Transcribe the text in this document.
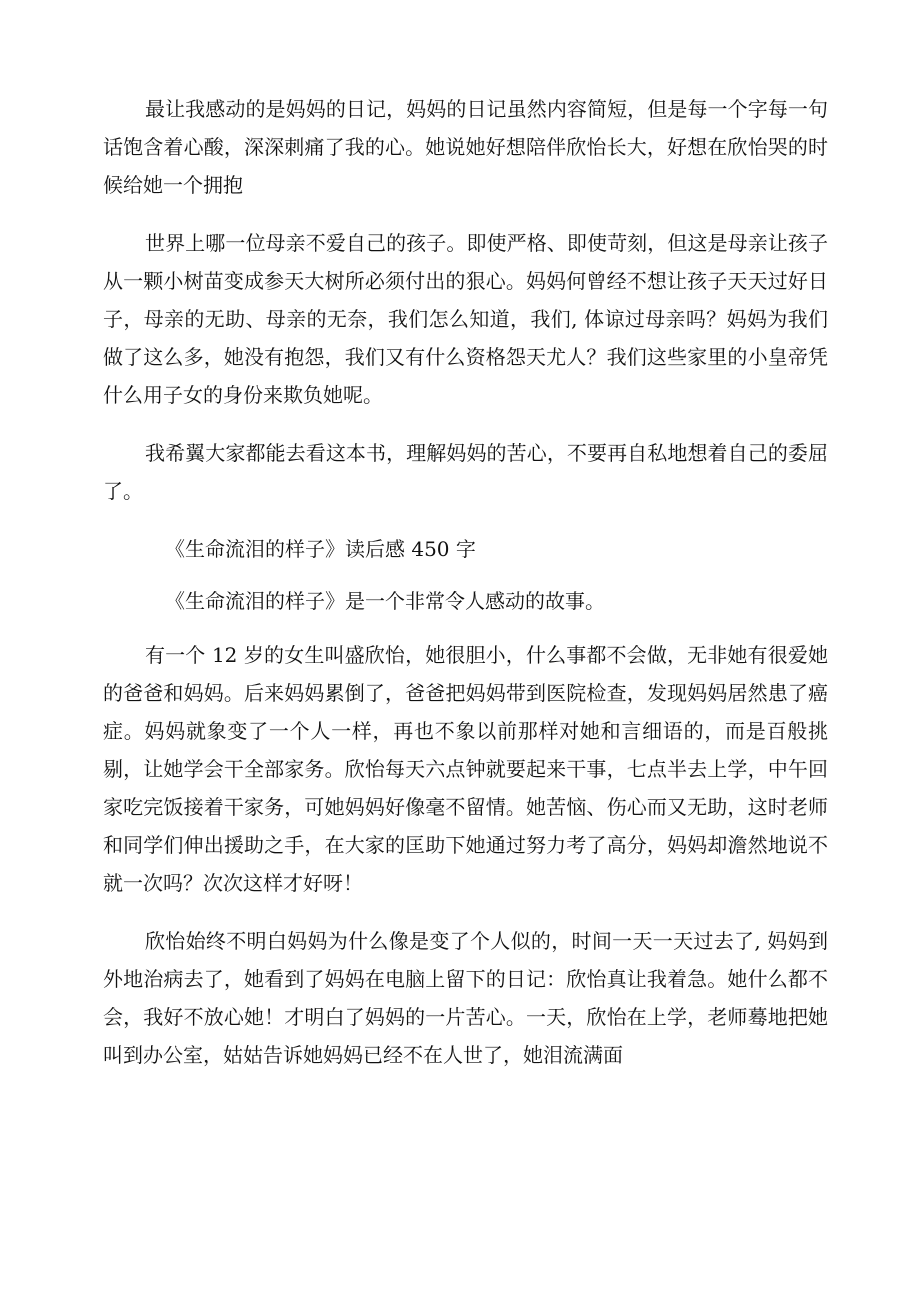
最让我感动的是妈妈的日记，妈妈的日记虽然内容简短，但是每一个字每一句话饱含着心酸，深深刺痛了我的心。她说她好想陪伴欣怡长大，好想在欣怡哭的时候给她一个拥抱

世界上哪一位母亲不爱自己的孩子。即使严格、即使苛刻，但这是母亲让孩子从一颗小树苗变成参天大树所必须付出的狠心。妈妈何曾经不想让孩子天天过好日子，母亲的无助、母亲的无奈，我们怎么知道，我们, 体谅过母亲吗？妈妈为我们做了这么多，她没有抱怨，我们又有什么资格怨天尤人？我们这些家里的小皇帝凭什么用子女的身份来欺负她呢。

我希翼大家都能去看这本书，理解妈妈的苦心，不要再自私地想着自己的委屈了。

《生命流泪的样子》读后感 450 字

《生命流泪的样子》是一个非常令人感动的故事。

有一个 12 岁的女生叫盛欣怡，她很胆小，什么事都不会做，无非她有很爱她的爸爸和妈妈。后来妈妈累倒了，爸爸把妈妈带到医院检查，发现妈妈居然患了癌症。妈妈就象变了一个人一样，再也不象以前那样对她和言细语的，而是百般挑剔，让她学会干全部家务。欣怡每天六点钟就要起来干事，七点半去上学，中午回家吃完饭接着干家务，可她妈妈好像毫不留情。她苦恼、伤心而又无助，这时老师和同学们伸出援助之手，在大家的匡助下她通过努力考了高分，妈妈却澹然地说不就一次吗？次次这样才好呀！

欣怡始终不明白妈妈为什么像是变了个人似的，时间一天一天过去了, 妈妈到外地治病去了，她看到了妈妈在电脑上留下的日记：欣怡真让我着急。她什么都不会，我好不放心她！才明白了妈妈的一片苦心。一天，欣怡在上学，老师蓦地把她叫到办公室，姑姑告诉她妈妈已经不在人世了，她泪流满面
